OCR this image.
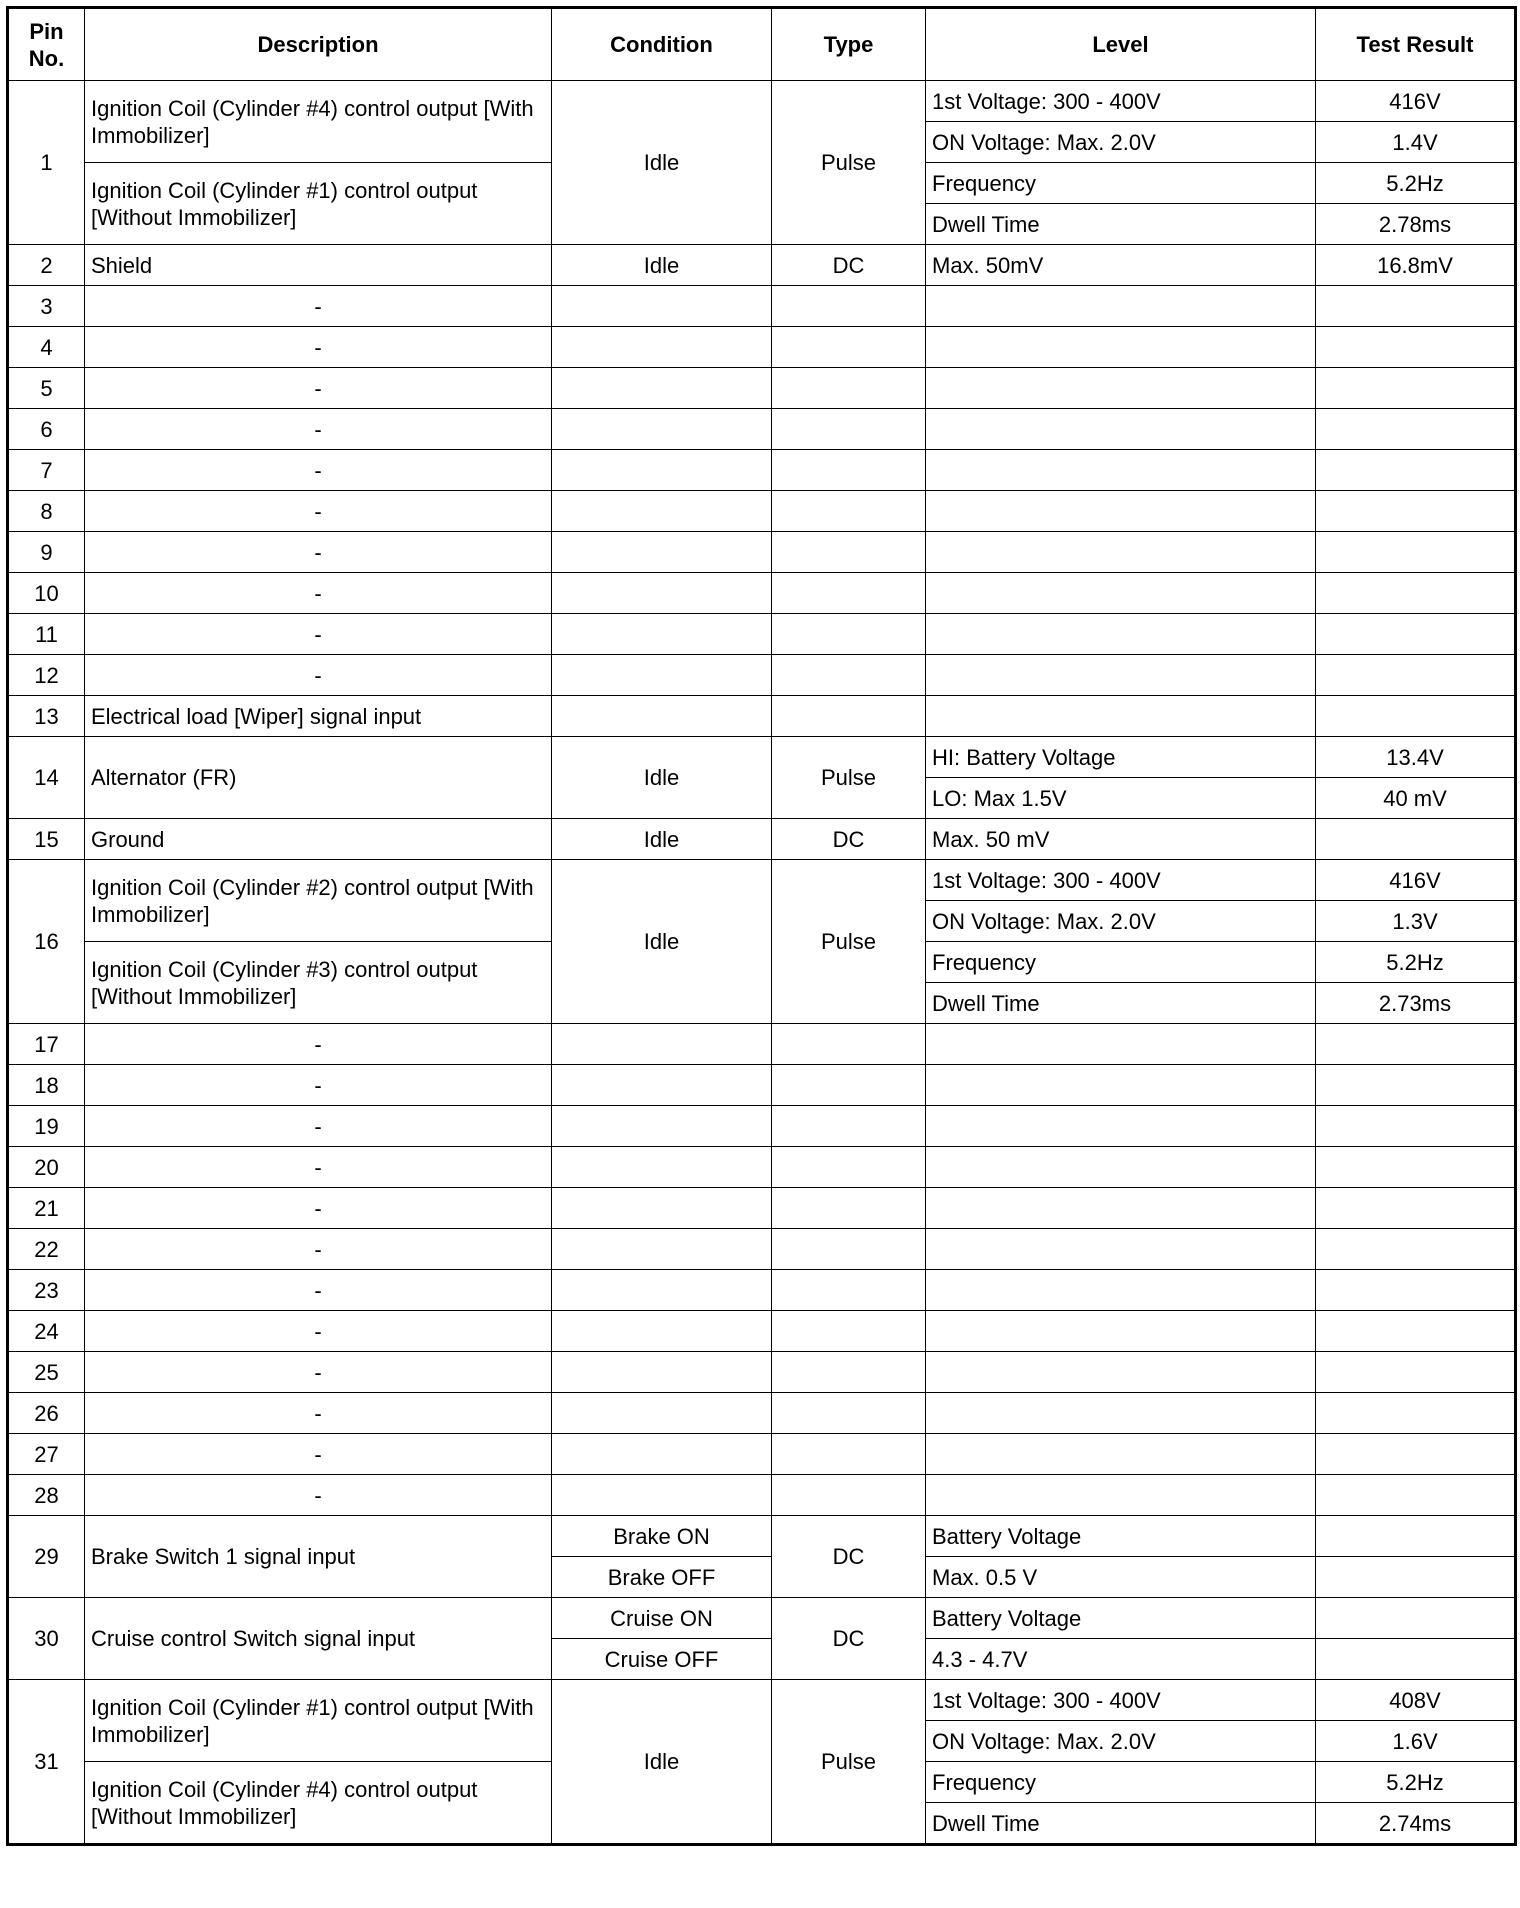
Pin No.	Description	Condition	Type	Level	Test Result
1	Ignition Coil (Cylinder #4) control output [With Immobilizer]	Idle	Pulse	1st Voltage: 300 - 400V	416V
				ON Voltage: Max. 2.0V	1.4V
	Ignition Coil (Cylinder #1) control output [Without Immobilizer]			Frequency	5.2Hz
				Dwell Time	2.78ms
2	Shield	Idle	DC	Max. 50mV	16.8mV
3	-				
4	-				
5	-				
6	-				
7	-				
8	-				
9	-				
10	-				
11	-				
12	-				
13	Electrical load [Wiper] signal input				
14	Alternator (FR)	Idle	Pulse	HI: Battery Voltage	13.4V
				LO: Max 1.5V	40 mV
15	Ground	Idle	DC	Max. 50 mV	
16	Ignition Coil (Cylinder #2) control output [With Immobilizer]	Idle	Pulse	1st Voltage: 300 - 400V	416V
				ON Voltage: Max. 2.0V	1.3V
	Ignition Coil (Cylinder #3) control output [Without Immobilizer]			Frequency	5.2Hz
				Dwell Time	2.73ms
17	-				
18	-				
19	-				
20	-				
21	-				
22	-				
23	-				
24	-				
25	-				
26	-				
27	-				
28	-				
29	Brake Switch 1 signal input	Brake ON	DC	Battery Voltage	
		Brake OFF		Max. 0.5 V	
30	Cruise control Switch signal input	Cruise ON	DC	Battery Voltage	
		Cruise OFF		4.3 - 4.7V	
31	Ignition Coil (Cylinder #1) control output [With Immobilizer]	Idle	Pulse	1st Voltage: 300 - 400V	408V
				ON Voltage: Max. 2.0V	1.6V
	Ignition Coil (Cylinder #4) control output [Without Immobilizer]			Frequency	5.2Hz
				Dwell Time	2.74ms
